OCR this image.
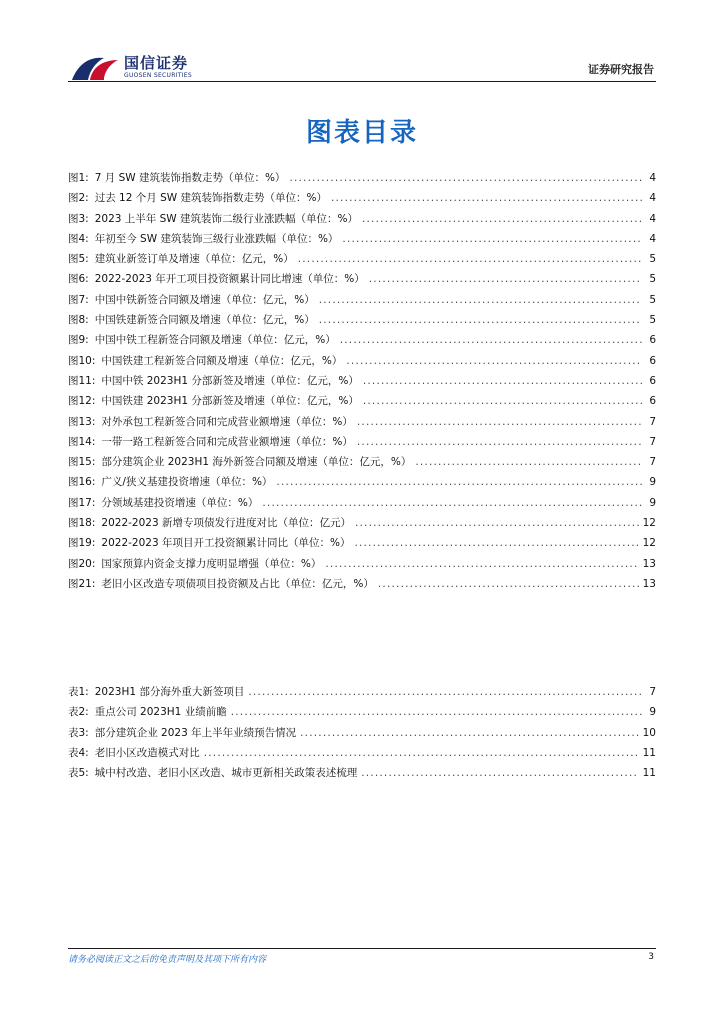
国信证券
GUOSEN SECURITIES	证券研究报告
图表目录
图1: 7 月 SW 建筑装饰指数走势（单位：%） .....	4
图2: 过去 12 个月 SW 建筑装饰指数走势（单位：%） .....	4
图3: 2023 上半年 SW 建筑装饰二级行业涨跌幅（单位：%） .....	4
图4: 年初至今 SW 建筑装饰三级行业涨跌幅（单位：%） .....	4
图5: 建筑业新签订单及增速（单位：亿元，%） .....	5
图6: 2022-2023 年开工项目投资额累计同比增速（单位：%） .....	5
图7: 中国中铁新签合同额及增速（单位：亿元，%） .....	5
图8: 中国铁建新签合同额及增速（单位：亿元，%） .....	5
图9: 中国中铁工程新签合同额及增速（单位：亿元，%） .....	6
图10: 中国铁建工程新签合同额及增速（单位：亿元，%） .....	6
图11: 中国中铁 2023H1 分部新签及增速（单位：亿元，%） .....	6
图12: 中国铁建 2023H1 分部新签及增速（单位：亿元，%） .....	6
图13: 对外承包工程新签合同和完成营业额增速（单位：%） .....	7
图14: 一带一路工程新签合同和完成营业额增速（单位：%） .....	7
图15: 部分建筑企业 2023H1 海外新签合同额及增速（单位：亿元，%） .....	7
图16: 广义/狭义基建投资增速（单位：%） .....	9
图17: 分领域基建投资增速（单位：%） .....	9
图18: 2022-2023 新增专项债发行进度对比（单位：亿元） .....	12
图19: 2022-2023 年项目开工投资额累计同比（单位：%） .....	12
图20: 国家预算内资金支撑力度明显增强（单位：%） .....	13
图21: 老旧小区改造专项债项目投资额及占比（单位：亿元，%） .....	13
表1: 2023H1 部分海外重大新签项目 .....	7
表2: 重点公司 2023H1 业绩前瞻 .....	9
表3: 部分建筑企业 2023 年上半年业绩预告情况 .....	10
表4: 老旧小区改造模式对比 .....	11
表5: 城中村改造、老旧小区改造、城市更新相关政策表述梳理 .....	11
请务必阅读正文之后的免责声明及其项下所有内容	3
